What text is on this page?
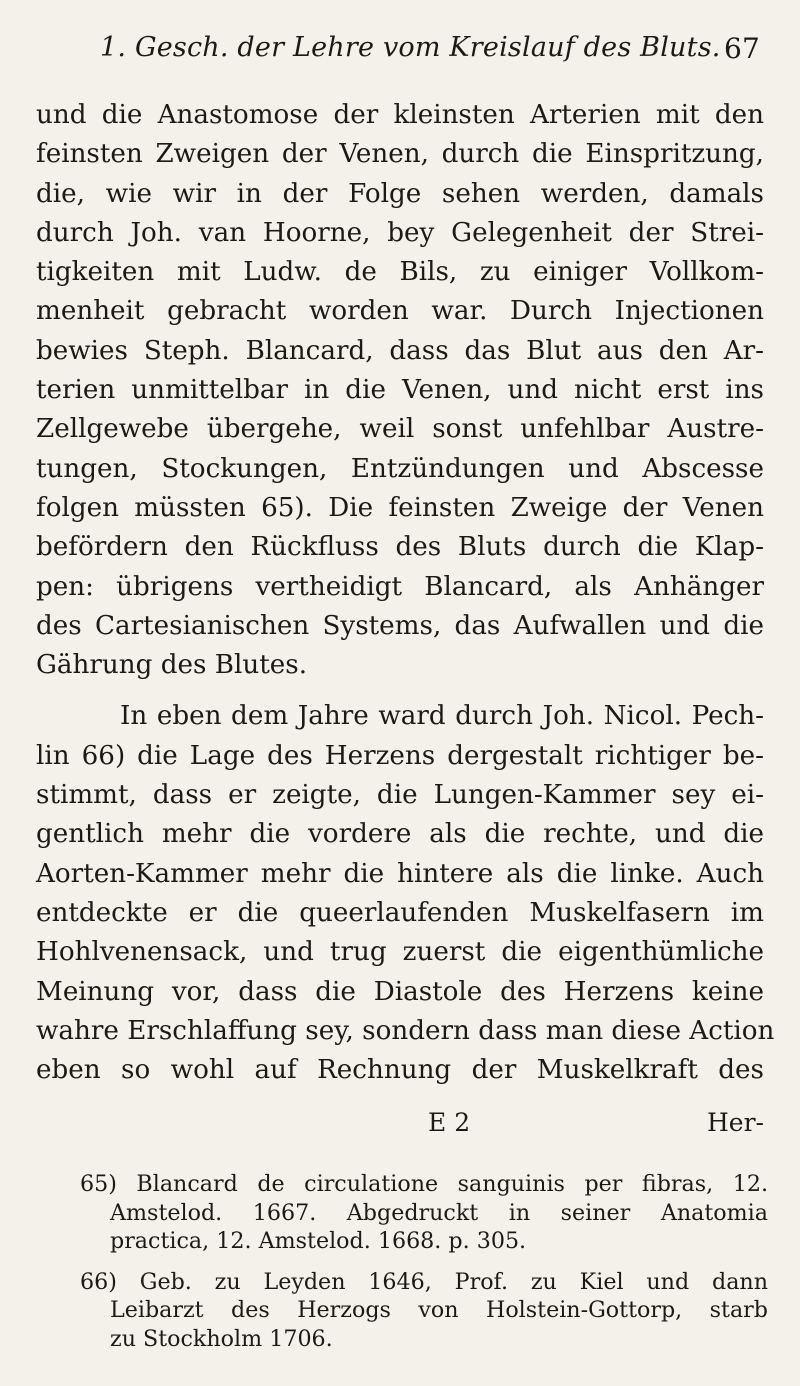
1. Gesch. der Lehre vom Kreislauf des Bluts. 67
und die Anastomose der kleinsten Arterien mit den
feinsten Zweigen der Venen, durch die Einspritzung,
die, wie wir in der Folge sehen werden, damals
durch Joh. van Hoorne, bey Gelegenheit der Strei-
tigkeiten mit Ludw. de Bils, zu einiger Vollkom-
menheit gebracht worden war. Durch Injectionen
bewies Steph. Blancard, dass das Blut aus den Ar-
terien unmittelbar in die Venen, und nicht erst ins
Zellgewebe übergehe, weil sonst unfehlbar Austre-
tungen, Stockungen, Entzündungen und Abscesse
folgen müssten 65). Die feinsten Zweige der Venen
befördern den Rückfluss des Bluts durch die Klap-
pen: übrigens vertheidigt Blancard, als Anhänger
des Cartesianischen Systems, das Aufwallen und die
Gährung des Blutes.
In eben dem Jahre ward durch Joh. Nicol. Pech-
lin 66) die Lage des Herzens dergestalt richtiger be-
stimmt, dass er zeigte, die Lungen-Kammer sey ei-
gentlich mehr die vordere als die rechte, und die
Aorten-Kammer mehr die hintere als die linke. Auch
entdeckte er die queerlaufenden Muskelfasern im
Hohlvenensack, und trug zuerst die eigenthümliche
Meinung vor, dass die Diastole des Herzens keine
wahre Erschlaffung sey, sondern dass man diese Action
eben so wohl auf Rechnung der Muskelkraft des
E 2	Her-
65) Blancard de circulatione sanguinis per fibras, 12.
Amstelod. 1667. Abgedruckt in seiner Anatomia
practica, 12. Amstelod. 1668. p. 305.
66) Geb. zu Leyden 1646, Prof. zu Kiel und dann
Leibarzt des Herzogs von Holstein-Gottorp, starb
zu Stockholm 1706.
